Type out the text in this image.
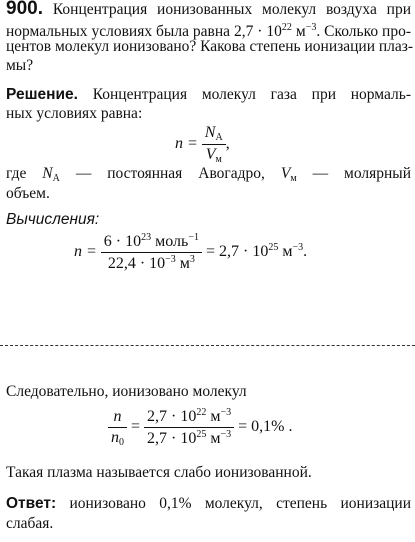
900. Концентрация ионизованных молекул воздуха при
нормальных условиях была равна $2,7 \cdot 10^{22}$ $м^{-3}$. Сколько про-
центов молекул ионизовано? Какова степень ионизации плаз-
мы?
Решение. Концентрация молекул газа при нормаль-
ных условиях равна:
$n = \frac{N_A}{V_м}$ ,
где $N_A$ — постоянная Авогадро, $V_м$ — молярный
объем.
Вычисления:
$n = \frac{6 \cdot 10^{23} моль^{-1}}{22,4 \cdot 10^{-3} м^3} = 2,7 \cdot 10^{25}$ $м^{-3}$.
Следовательно, ионизовано молекул
$\frac{n}{n_0} = \frac{2,7 \cdot 10^{22} м^{-3}}{2,7 \cdot 10^{25} м^{-3}} = 0,1\%$ .
Такая плазма называется слабо ионизованной.
Ответ: ионизовано 0,1% молекул, степень ионизации
слабая.
